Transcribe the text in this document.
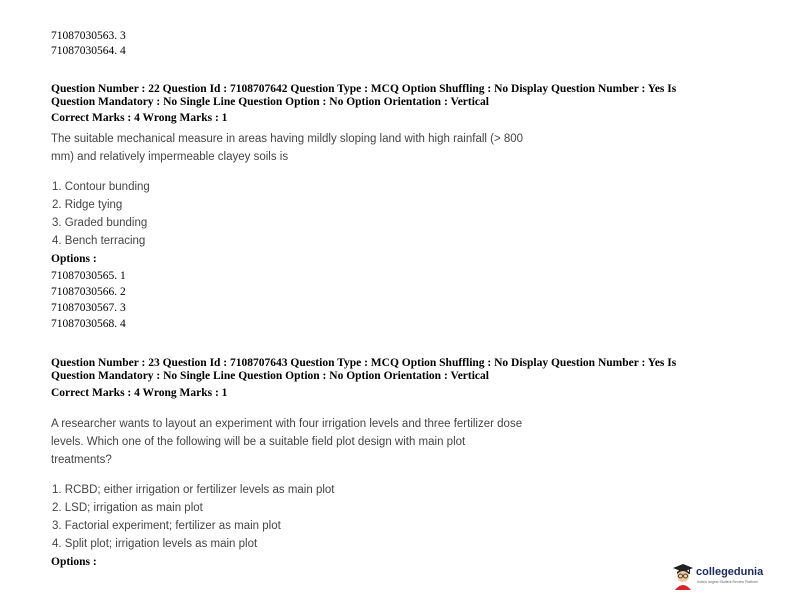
71087030563. 3

71087030564. 4

Question Number : 22 Question Id : 7108707642 Question Type : MCQ Option Shuffling : No Display Question Number : Yes Is

Question Mandatory : No Single Line Question Option : No Option Orientation : Vertical

Correct Marks : 4 Wrong Marks : 1

The suitable mechanical measure in areas having mildly sloping land with high rainfall (> 800

mm) and relatively impermeable clayey soils is

1. Contour bunding
2. Ridge tying
3. Graded bunding
4. Bench terracing

Options :

71087030565. 1

71087030566. 2

71087030567. 3

71087030568. 4

Question Number : 23 Question Id : 7108707643 Question Type : MCQ Option Shuffling : No Display Question Number : Yes Is

Question Mandatory : No Single Line Question Option : No Option Orientation : Vertical

Correct Marks : 4 Wrong Marks : 1

A researcher wants to layout an experiment with four irrigation levels and three fertilizer dose

levels. Which one of the following will be a suitable field plot design with main plot

treatments?

1. RCBD; either irrigation or fertilizer levels as main plot
2. LSD; irrigation as main plot
3. Factorial experiment; fertilizer as main plot
4. Split plot; irrigation levels as main plot

Options :

collegedunia
India's largest Student Review Platform
